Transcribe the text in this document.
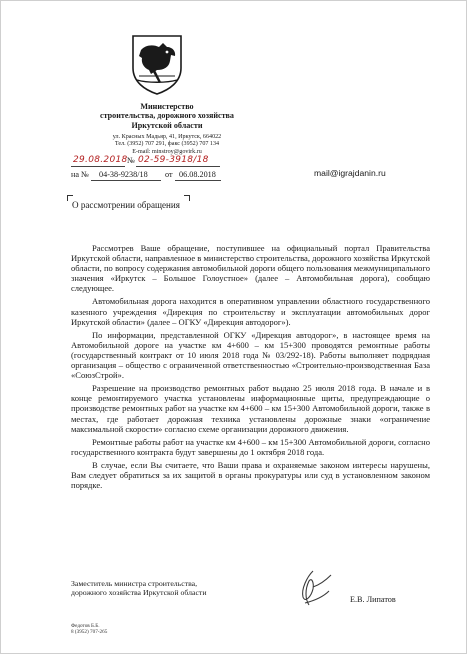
Министерство
строительства, дорожного хозяйства
Иркутской области
ул. Красных Мадьяр, 41, Иркутск, 664022
Тел. (3952) 707 291, факс (3952) 707 134
E-mail: minstroy@govirk.ru
29.08.2018 № 02-59-3918/18
на № 04-38-9238/18 от 06.08.2018	mail@igrajdanin.ru
О рассмотрении обращения

Рассмотрев Ваше обращение, поступившее на официальный портал Правительства Иркутской области, направленное в министерство строительства, дорожного хозяйства Иркутской области, по вопросу содержания автомобильной дороги общего пользования межмуниципального значения «Иркутск – Большое Голоустное» (далее – Автомобильная дорога), сообщаю следующее.

Автомобильная дорога находится в оперативном управлении областного государственного казенного учреждения «Дирекция по строительству и эксплуатации автомобильных дорог Иркутской области» (далее – ОГКУ «Дирекция автодорог»).

По информации, представленной ОГКУ «Дирекция автодорог», в настоящее время на Автомобильной дороге на участке км 4+600 – км 15+300 проводятся ремонтные работы (государственный контракт от 10 июля 2018 года № 03/292-18). Работы выполняет подрядная организация – общество с ограниченной ответственностью «Строительно-производственная База «СоюзСтрой».

Разрешение на производство ремонтных работ выдано 25 июля 2018 года. В начале и в конце ремонтируемого участка установлены информационные щиты, предупреждающие о производстве ремонтных работ на участке км 4+600 – км 15+300 Автомобильной дороги, также в местах, где работает дорожная техника установлены дорожные знаки «ограничение максимальной скорости» согласно схеме организации дорожного движения.

Ремонтные работы работ на участке км 4+600 – км 15+300 Автомобильной дороги, согласно государственного контракта будут завершены до 1 октября 2018 года.

В случае, если Вы считаете, что Ваши права и охраняемые законом интересы нарушены, Вам следует обратиться за их защитой в органы прокуратуры или суд в установленном законом порядке.

Заместитель министра строительства,
дорожного хозяйства Иркутской области
Е.В. Липатов
Федотов Б.Б.
8 (3952) 707-265
